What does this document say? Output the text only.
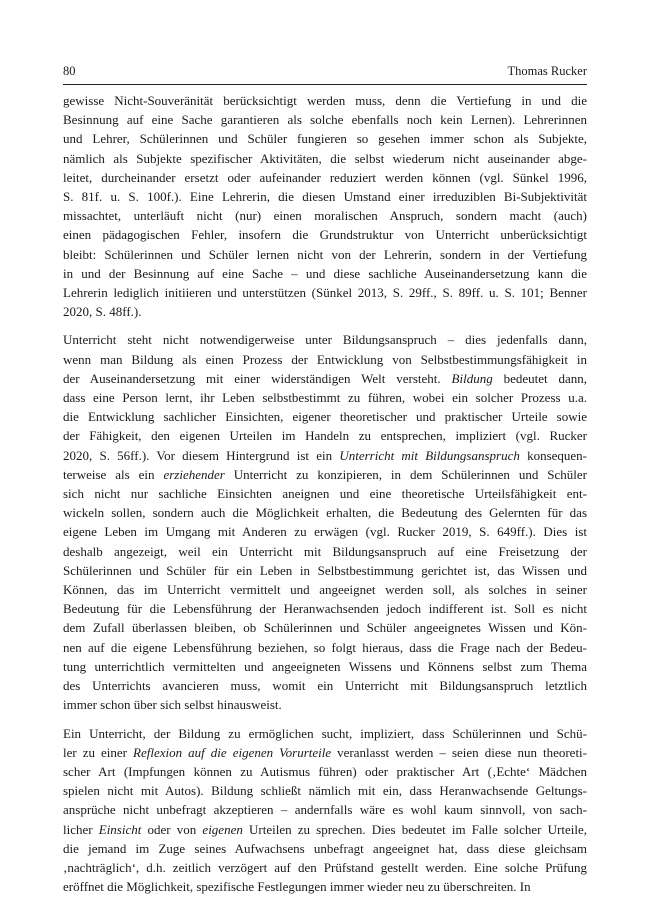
80	Thomas Rucker

gewisse Nicht-Souveränität berücksichtigt werden muss, denn die Vertiefung in und die
Besinnung auf eine Sache garantieren als solche ebenfalls noch kein Lernen). Lehrerinnen
und Lehrer, Schülerinnen und Schüler fungieren so gesehen immer schon als Subjekte,
nämlich als Subjekte spezifischer Aktivitäten, die selbst wiederum nicht auseinander abge-
leitet, durcheinander ersetzt oder aufeinander reduziert werden können (vgl. Sünkel 1996,
S. 81f. u. S. 100f.). Eine Lehrerin, die diesen Umstand einer irreduziblen Bi-Subjektivität
missachtet, unterläuft nicht (nur) einen moralischen Anspruch, sondern macht (auch)
einen pädagogischen Fehler, insofern die Grundstruktur von Unterricht unberücksichtigt
bleibt: Schülerinnen und Schüler lernen nicht von der Lehrerin, sondern in der Vertiefung
in und der Besinnung auf eine Sache – und diese sachliche Auseinandersetzung kann die
Lehrerin lediglich initiieren und unterstützen (Sünkel 2013, S. 29ff., S. 89ff. u. S. 101; Benner
2020, S. 48ff.).

Unterricht steht nicht notwendigerweise unter Bildungsanspruch – dies jedenfalls dann,
wenn man Bildung als einen Prozess der Entwicklung von Selbstbestimmungsfähigkeit in
der Auseinandersetzung mit einer widerständigen Welt versteht. Bildung bedeutet dann,
dass eine Person lernt, ihr Leben selbstbestimmt zu führen, wobei ein solcher Prozess u.a.
die Entwicklung sachlicher Einsichten, eigener theoretischer und praktischer Urteile sowie
der Fähigkeit, den eigenen Urteilen im Handeln zu entsprechen, impliziert (vgl. Rucker
2020, S. 56ff.). Vor diesem Hintergrund ist ein Unterricht mit Bildungsanspruch konsequen-
terweise als ein erziehender Unterricht zu konzipieren, in dem Schülerinnen und Schüler
sich nicht nur sachliche Einsichten aneignen und eine theoretische Urteilsfähigkeit ent-
wickeln sollen, sondern auch die Möglichkeit erhalten, die Bedeutung des Gelernten für das
eigene Leben im Umgang mit Anderen zu erwägen (vgl. Rucker 2019, S. 649ff.). Dies ist
deshalb angezeigt, weil ein Unterricht mit Bildungsanspruch auf eine Freisetzung der
Schülerinnen und Schüler für ein Leben in Selbstbestimmung gerichtet ist, das Wissen und
Können, das im Unterricht vermittelt und angeeignet werden soll, als solches in seiner
Bedeutung für die Lebensführung der Heranwachsenden jedoch indifferent ist. Soll es nicht
dem Zufall überlassen bleiben, ob Schülerinnen und Schüler angeeignetes Wissen und Kön-
nen auf die eigene Lebensführung beziehen, so folgt hieraus, dass die Frage nach der Bedeu-
tung unterrichtlich vermittelten und angeeigneten Wissens und Könnens selbst zum Thema
des Unterrichts avancieren muss, womit ein Unterricht mit Bildungsanspruch letztlich
immer schon über sich selbst hinausweist.

Ein Unterricht, der Bildung zu ermöglichen sucht, impliziert, dass Schülerinnen und Schü-
ler zu einer Reflexion auf die eigenen Vorurteile veranlasst werden – seien diese nun theoreti-
scher Art (Impfungen können zu Autismus führen) oder praktischer Art (‚Echte‘ Mädchen
spielen nicht mit Autos). Bildung schließt nämlich mit ein, dass Heranwachsende Geltungs-
ansprüche nicht unbefragt akzeptieren – andernfalls wäre es wohl kaum sinnvoll, von sach-
licher Einsicht oder von eigenen Urteilen zu sprechen. Dies bedeutet im Falle solcher Urteile,
die jemand im Zuge seines Aufwachsens unbefragt angeeignet hat, dass diese gleichsam
‚nachträglich‘, d.h. zeitlich verzögert auf den Prüfstand gestellt werden. Eine solche Prüfung
eröffnet die Möglichkeit, spezifische Festlegungen immer wieder neu zu überschreiten. In
